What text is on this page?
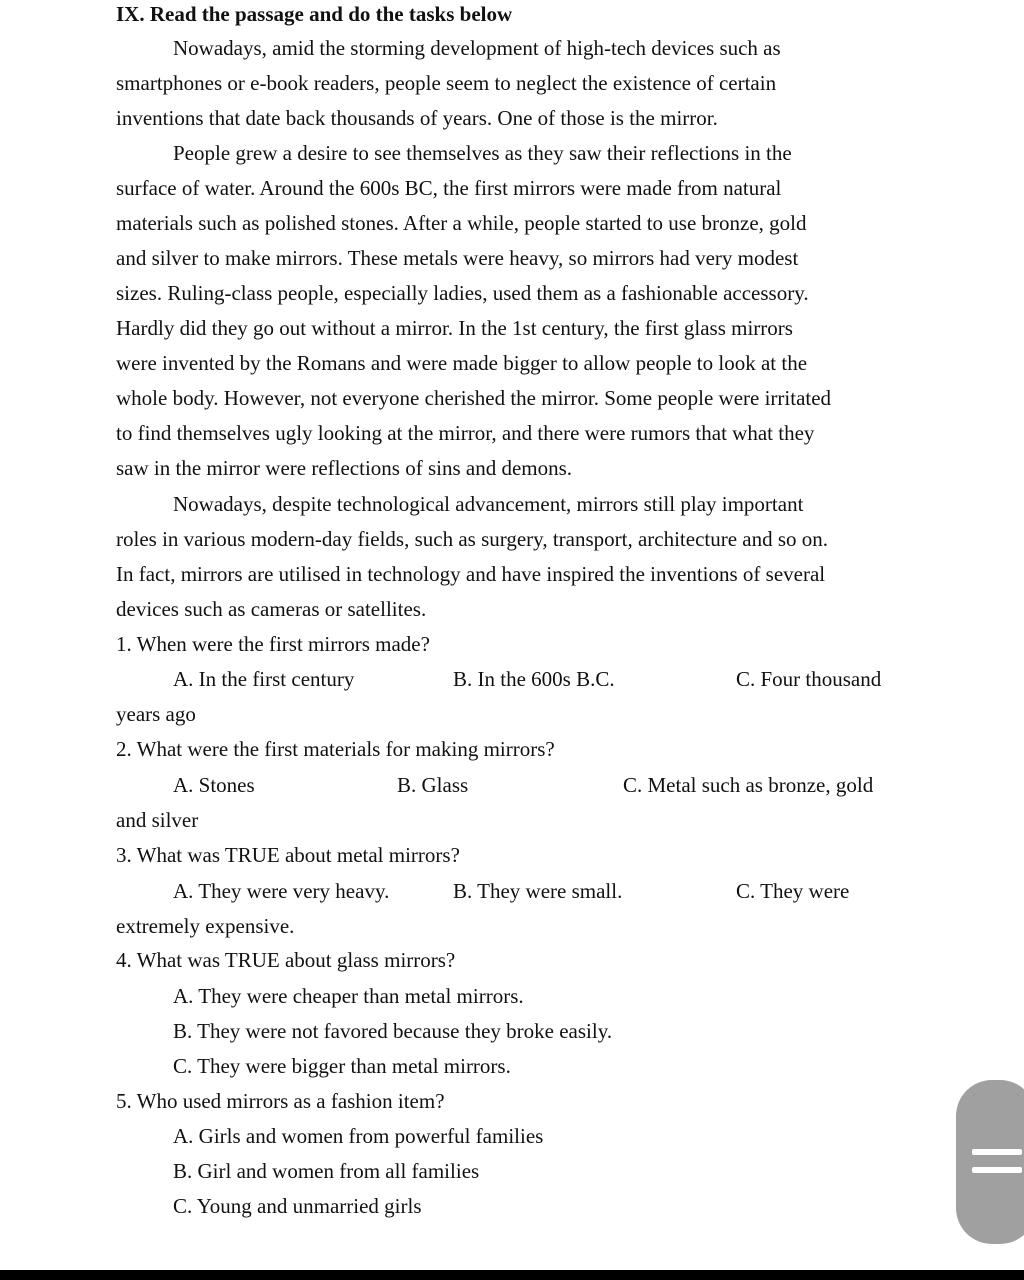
IX. Read the passage and do the tasks below
Nowadays, amid the storming development of high-tech devices such as
smartphones or e-book readers, people seem to neglect the existence of certain
inventions that date back thousands of years. One of those is the mirror.
People grew a desire to see themselves as they saw their reflections in the
surface of water. Around the 600s BC, the first mirrors were made from natural
materials such as polished stones. After a while, people started to use bronze, gold
and silver to make mirrors. These metals were heavy, so mirrors had very modest
sizes. Ruling-class people, especially ladies, used them as a fashionable accessory.
Hardly did they go out without a mirror. In the 1st century, the first glass mirrors
were invented by the Romans and were made bigger to allow people to look at the
whole body. However, not everyone cherished the mirror. Some people were irritated
to find themselves ugly looking at the mirror, and there were rumors that what they
saw in the mirror were reflections of sins and demons.
Nowadays, despite technological advancement, mirrors still play important
roles in various modern-day fields, such as surgery, transport, architecture and so on.
In fact, mirrors are utilised in technology and have inspired the inventions of several
devices such as cameras or satellites.
1. When were the first mirrors made?
A. In the first century	B. In the 600s B.C.	C. Four thousand
years ago
2. What were the first materials for making mirrors?
A. Stones	B. Glass	C. Metal such as bronze, gold
and silver
3. What was TRUE about metal mirrors?
A. They were very heavy.	B. They were small.	C. They were
extremely expensive.
4. What was TRUE about glass mirrors?
A. They were cheaper than metal mirrors.
B. They were not favored because they broke easily.
C. They were bigger than metal mirrors.
5. Who used mirrors as a fashion item?
A. Girls and women from powerful families
B. Girl and women from all families
C. Young and unmarried girls
